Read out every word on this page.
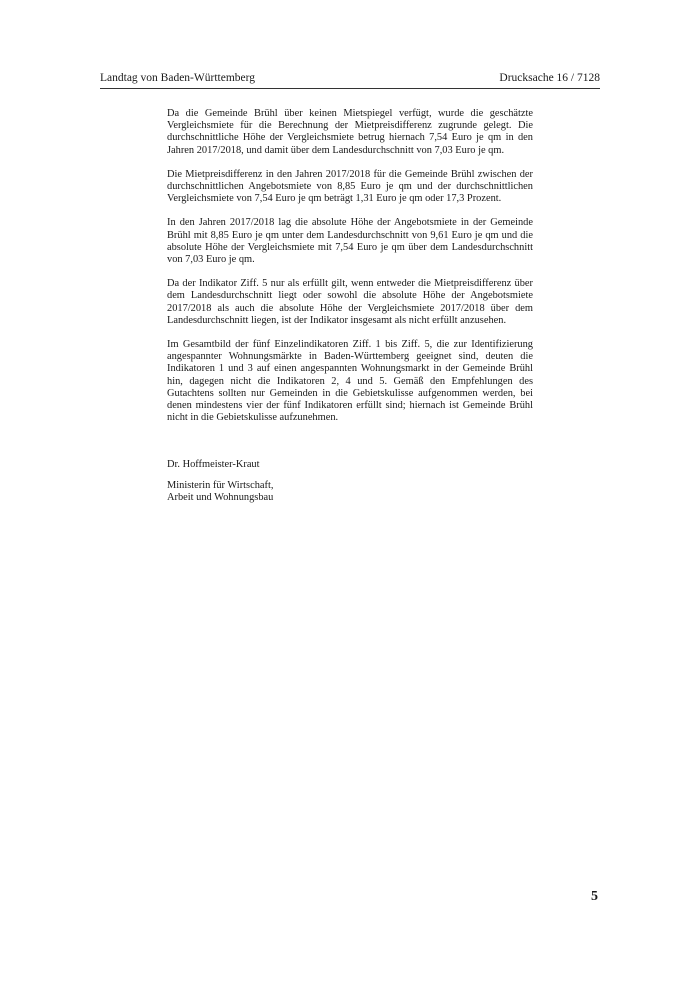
Landtag von Baden-Württemberg	Drucksache 16 / 7128

Da die Gemeinde Brühl über keinen Mietspiegel verfügt, wurde die geschätzte Vergleichsmiete für die Berechnung der Mietpreisdifferenz zugrunde gelegt. Die durchschnittliche Höhe der Vergleichsmiete betrug hiernach 7,54 Euro je qm in den Jahren 2017/2018, und damit über dem Landesdurchschnitt von 7,03 Euro je qm.

Die Mietpreisdifferenz in den Jahren 2017/2018 für die Gemeinde Brühl zwischen der durchschnittlichen Angebotsmiete von 8,85 Euro je qm und der durchschnittlichen Vergleichsmiete von 7,54 Euro je qm beträgt 1,31 Euro je qm oder 17,3 Prozent.

In den Jahren 2017/2018 lag die absolute Höhe der Angebotsmiete in der Gemeinde Brühl mit 8,85 Euro je qm unter dem Landesdurchschnitt von 9,61 Euro je qm und die absolute Höhe der Vergleichsmiete mit 7,54 Euro je qm über dem Landesdurchschnitt von 7,03 Euro je qm.

Da der Indikator Ziff. 5 nur als erfüllt gilt, wenn entweder die Mietpreisdifferenz über dem Landesdurchschnitt liegt oder sowohl die absolute Höhe der Angebotsmiete 2017/2018 als auch die absolute Höhe der Vergleichsmiete 2017/2018 über dem Landesdurchschnitt liegen, ist der Indikator insgesamt als nicht erfüllt anzusehen.

Im Gesamtbild der fünf Einzelindikatoren Ziff. 1 bis Ziff. 5, die zur Identifizierung angespannter Wohnungsmärkte in Baden-Württemberg geeignet sind, deuten die Indikatoren 1 und 3 auf einen angespannten Wohnungsmarkt in der Gemeinde Brühl hin, dagegen nicht die Indikatoren 2, 4 und 5. Gemäß den Empfehlungen des Gutachtens sollten nur Gemeinden in die Gebietskulisse aufgenommen werden, bei denen mindestens vier der fünf Indikatoren erfüllt sind; hiernach ist Gemeinde Brühl nicht in die Gebietskulisse aufzunehmen.

Dr. Hoffmeister-Kraut
Ministerin für Wirtschaft,
Arbeit und Wohnungsbau
5
